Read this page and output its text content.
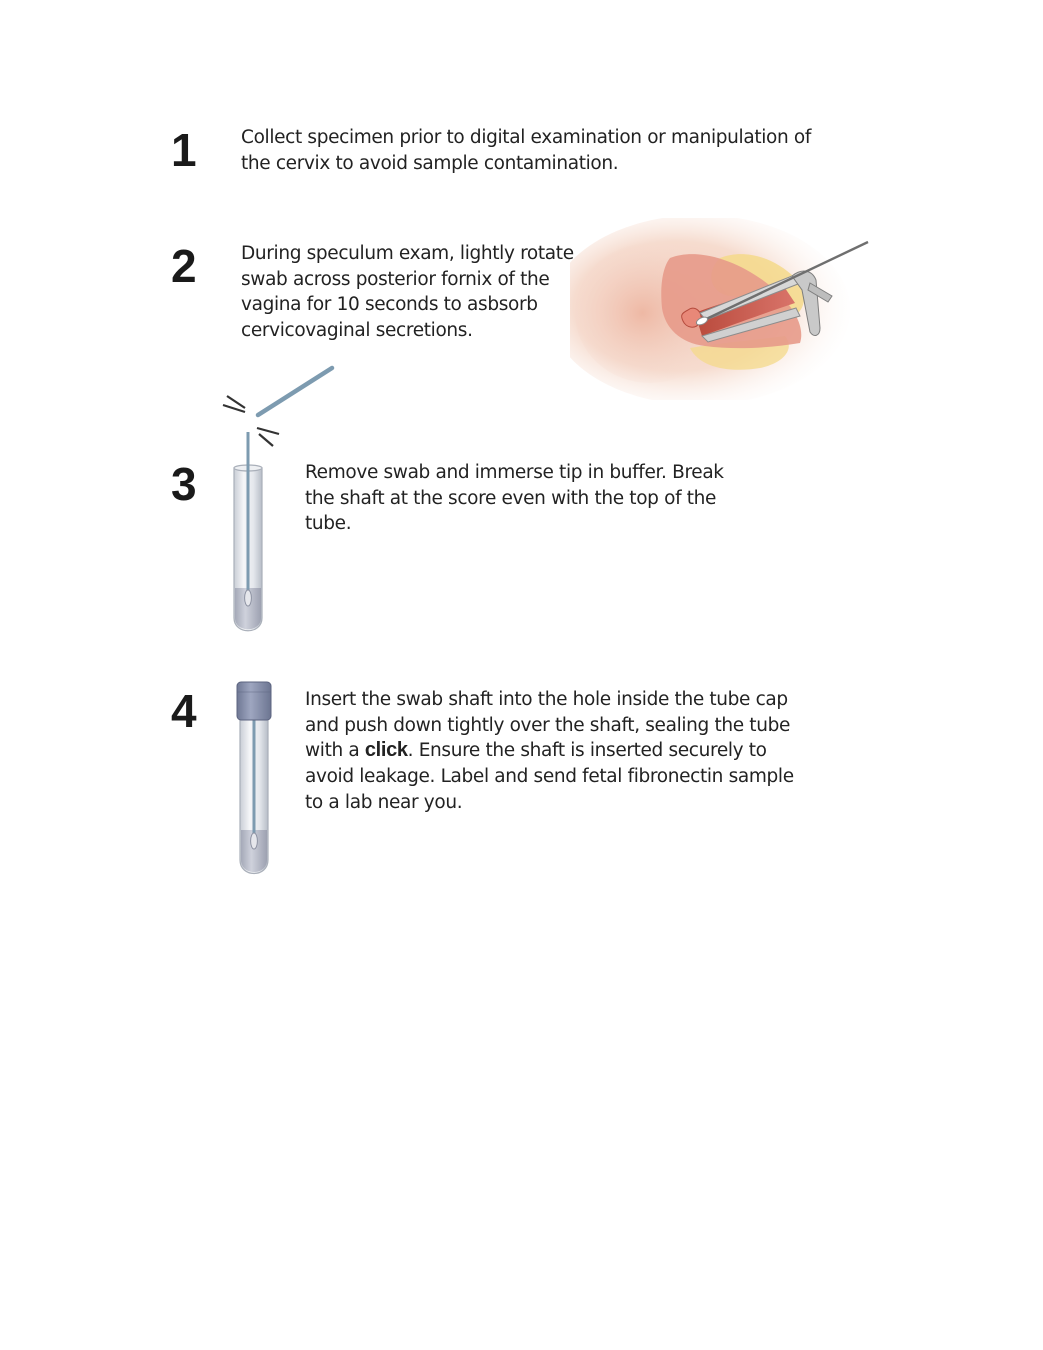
1 Collect specimen prior to digital examination or manipulation of the cervix to avoid sample contamination.

2 During speculum exam, lightly rotate swab across posterior fornix of the vagina for 10 seconds to asbsorb cervicovaginal secretions.

3	Remove swab and immerse tip in buffer. Break the shaft at the score even with the top of the tube.

4	Insert the swab shaft into the hole inside the tube cap and push down tightly over the shaft, sealing the tube with a click. Ensure the shaft is inserted securely to avoid leakage. Label and send fetal fibronectin sample to a lab near you.
